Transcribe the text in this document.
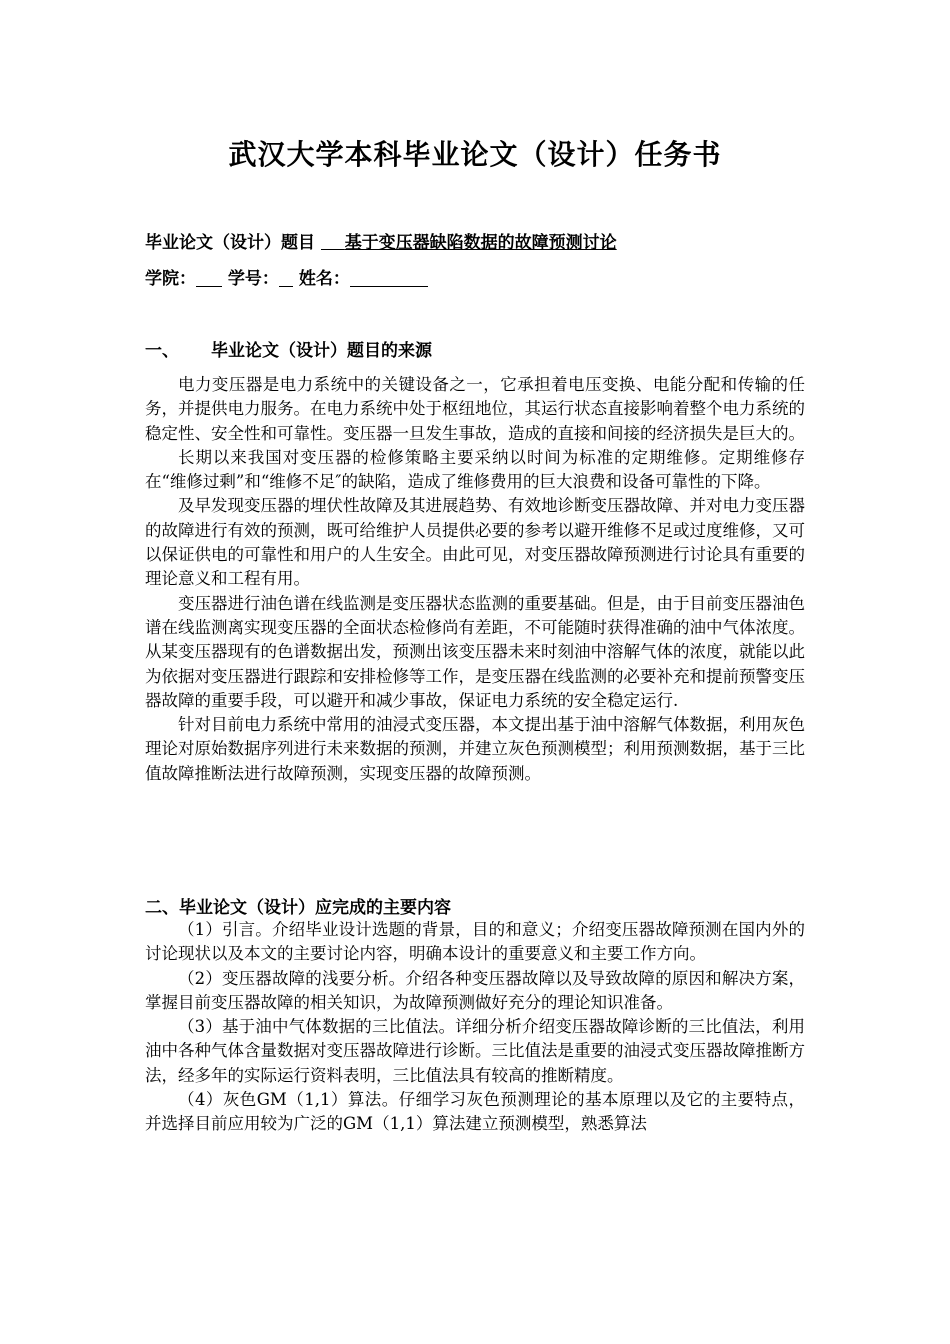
武汉大学本科毕业论文（设计）任务书
毕业论文（设计）题目 基于变压器缺陷数据的故障预测讨论
学院： 学号： 姓名：
一、 毕业论文（设计）题目的来源

电力变压器是电力系统中的关键设备之一，它承担着电压变换、电能分配和传输的任务，并提供电力服务。在电力系统中处于枢纽地位，其运行状态直接影响着整个电力系统的稳定性、安全性和可靠性。变压器一旦发生事故，造成的直接和间接的经济损失是巨大的。

长期以来我国对变压器的检修策略主要采纳以时间为标准的定期维修。定期维修存在“维修过剩”和“维修不足″的缺陷，造成了维修费用的巨大浪费和设备可靠性的下降。

及早发现变压器的埋伏性故障及其进展趋势、有效地诊断变压器故障、并对电力变压器的故障进行有效的预测，既可给维护人员提供必要的参考以避开维修不足或过度维修，又可以保证供电的可靠性和用户的人生安全。由此可见，对变压器故障预测进行讨论具有重要的理论意义和工程有用。

变压器进行油色谱在线监测是变压器状态监测的重要基础。但是，由于目前变压器油色谱在线监测离实现变压器的全面状态检修尚有差距，不可能随时获得准确的油中气体浓度。从某变压器现有的色谱数据出发，预测出该变压器未来时刻油中溶解气体的浓度，就能以此为依据对变压器进行跟踪和安排检修等工作，是变压器在线监测的必要补充和提前预警变压器故障的重要手段，可以避开和减少事故，保证电力系统的安全稳定运行.

针对目前电力系统中常用的油浸式变压器，本文提出基于油中溶解气体数据，利用灰色理论对原始数据序列进行未来数据的预测，并建立灰色预测模型；利用预测数据，基于三比值故障推断法进行故障预测，实现变压器的故障预测。

二、毕业论文（设计）应完成的主要内容

（1）引言。介绍毕业设计选题的背景，目的和意义；介绍变压器故障预测在国内外的讨论现状以及本文的主要讨论内容，明确本设计的重要意义和主要工作方向。

（2）变压器故障的浅要分析。介绍各种变压器故障以及导致故障的原因和解决方案，掌握目前变压器故障的相关知识，为故障预测做好充分的理论知识准备。

（3）基于油中气体数据的三比值法。详细分析介绍变压器故障诊断的三比值法，利用油中各种气体含量数据对变压器故障进行诊断。三比值法是重要的油浸式变压器故障推断方法，经多年的实际运行资料表明，三比值法具有较高的推断精度。

（4）灰色GM（1,1）算法。仔细学习灰色预测理论的基本原理以及它的主要特点，并选择目前应用较为广泛的GM（1,1）算法建立预测模型，熟悉算法
